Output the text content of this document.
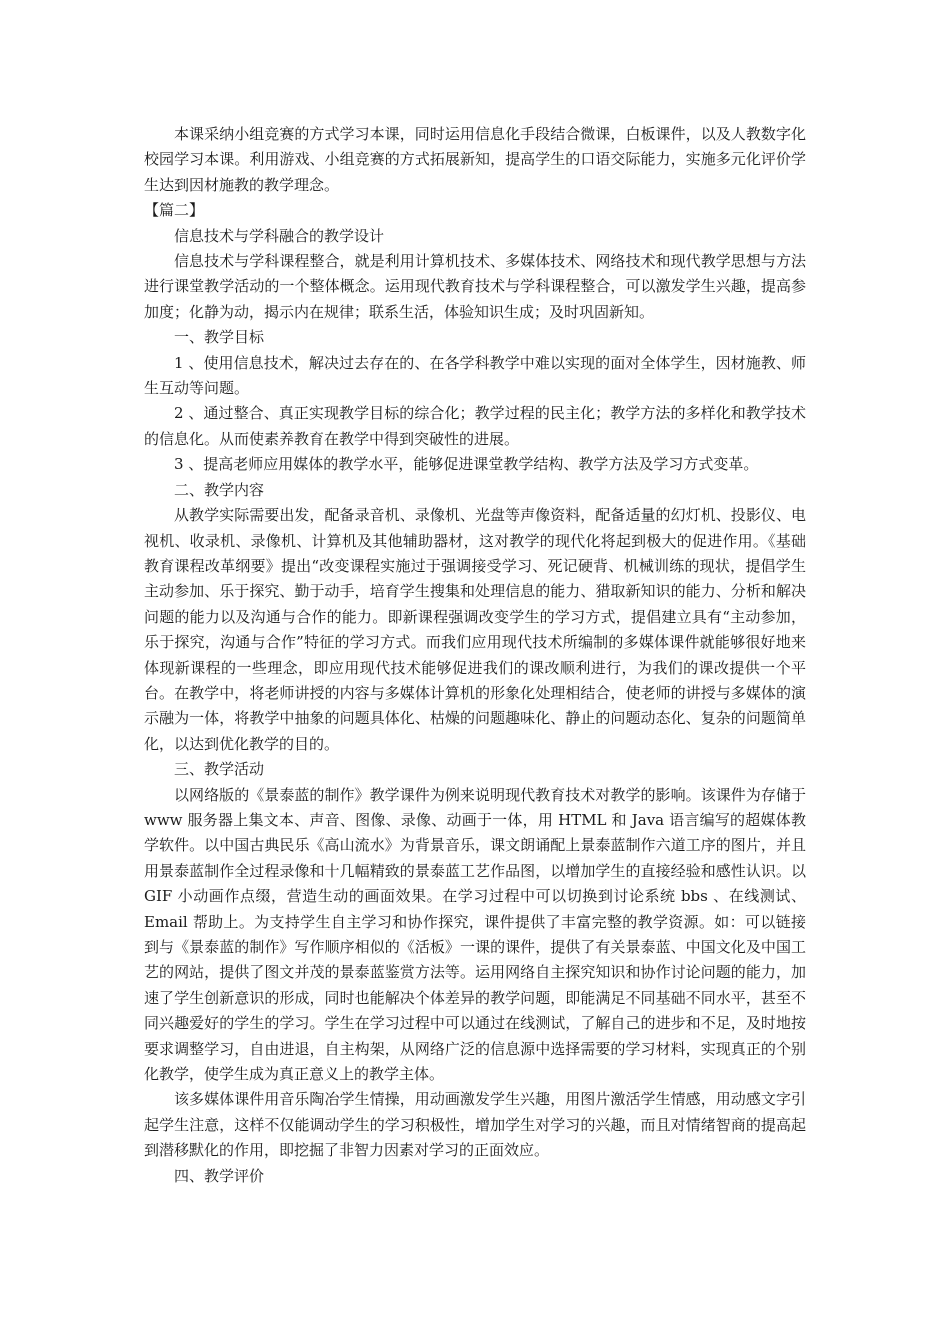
本课采纳小组竞赛的方式学习本课，同时运用信息化手段结合微课，白板课件，以及人教数字化校园学习本课。利用游戏、小组竞赛的方式拓展新知，提高学生的口语交际能力，实施多元化评价学生达到因材施教的教学理念。

【篇二】

信息技术与学科融合的教学设计

信息技术与学科课程整合，就是利用计算机技术、多媒体技术、网络技术和现代教学思想与方法进行课堂教学活动的一个整体概念。运用现代教育技术与学科课程整合，可以激发学生兴趣，提高参加度；化静为动，揭示内在规律；联系生活，体验知识生成；及时巩固新知。

一、教学目标

1 、使用信息技术，解决过去存在的、在各学科教学中难以实现的面对全体学生，因材施教、师生互动等问题。

2 、通过整合、真正实现教学目标的综合化；教学过程的民主化；教学方法的多样化和教学技术的信息化。从而使素养教育在教学中得到突破性的进展。

3 、提高老师应用媒体的教学水平，能够促进课堂教学结构、教学方法及学习方式变革。

二、教学内容

从教学实际需要出发，配备录音机、录像机、光盘等声像资料，配备适量的幻灯机、投影仪、电视机、收录机、录像机、计算机及其他辅助器材，这对教学的现代化将起到极大的促进作用。《基础教育课程改革纲要》提出“改变课程实施过于强调接受学习、死记硬背、机械训练的现状，提倡学生主动参加、乐于探究、勤于动手，培育学生搜集和处理信息的能力、猎取新知识的能力、分析和解决问题的能力以及沟通与合作的能力。即新课程强调改变学生的学习方式，提倡建立具有“主动参加，乐于探究，沟通与合作”特征的学习方式。而我们应用现代技术所编制的多媒体课件就能够很好地来体现新课程的一些理念，即应用现代技术能够促进我们的课改顺利进行，为我们的课改提供一个平台。在教学中，将老师讲授的内容与多媒体计算机的形象化处理相结合，使老师的讲授与多媒体的演示融为一体，将教学中抽象的问题具体化、枯燥的问题趣味化、静止的问题动态化、复杂的问题简单化，以达到优化教学的目的。

三、教学活动

以网络版的《景泰蓝的制作》教学课件为例来说明现代教育技术对教学的影响。该课件为存储于 www 服务器上集文本、声音、图像、录像、动画于一体，用 HTML 和 Java 语言编写的超媒体教学软件。以中国古典民乐《高山流水》为背景音乐，课文朗诵配上景泰蓝制作六道工序的图片，并且用景泰蓝制作全过程录像和十几幅精致的景泰蓝工艺作品图，以增加学生的直接经验和感性认识。以 GIF 小动画作点缀，营造生动的画面效果。在学习过程中可以切换到讨论系统 bbs 、在线测试、 Email 帮助上。为支持学生自主学习和协作探究，课件提供了丰富完整的教学资源。如：可以链接到与《景泰蓝的制作》写作顺序相似的《活板》一课的课件，提供了有关景泰蓝、中国文化及中国工艺的网站，提供了图文并茂的景泰蓝鉴赏方法等。运用网络自主探究知识和协作讨论问题的能力，加速了学生创新意识的形成，同时也能解决个体差异的教学问题，即能满足不同基础不同水平，甚至不同兴趣爱好的学生的学习。学生在学习过程中可以通过在线测试，了解自己的进步和不足，及时地按要求调整学习，自由进退，自主构架，从网络广泛的信息源中选择需要的学习材料，实现真正的个别化教学，使学生成为真正意义上的教学主体。

该多媒体课件用音乐陶冶学生情操，用动画激发学生兴趣，用图片激活学生情感，用动感文字引起学生注意，这样不仅能调动学生的学习积极性，增加学生对学习的兴趣，而且对情绪智商的提高起到潜移默化的作用，即挖掘了非智力因素对学习的正面效应。

四、教学评价
